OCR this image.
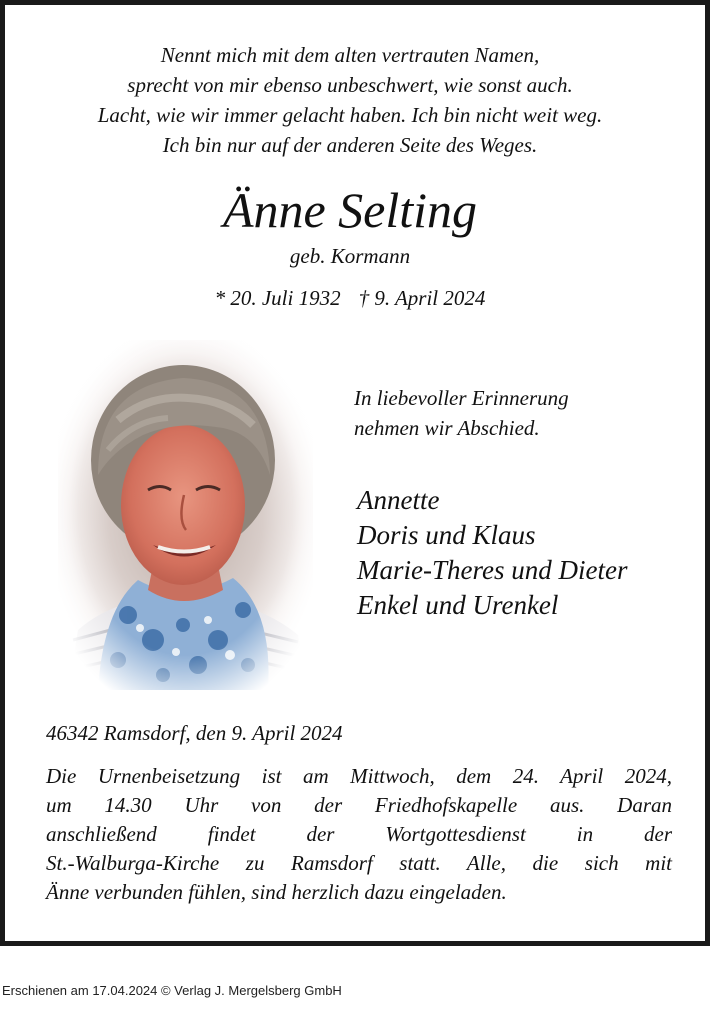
Nennt mich mit dem alten vertrauten Namen,
sprecht von mir ebenso unbeschwert, wie sonst auch.
Lacht, wie wir immer gelacht haben. Ich bin nicht weit weg.
Ich bin nur auf der anderen Seite des Weges.
Änne Selting
geb. Kormann
* 20. Juli 1932 † 9. April 2024
In liebevoller Erinnerung
nehmen wir Abschied.
Annette
Doris und Klaus
Marie-Theres und Dieter
Enkel und Urenkel
46342 Ramsdorf, den 9. April 2024
Die Urnenbeisetzung ist am Mittwoch, dem 24. April 2024,
um 14.30 Uhr von der Friedhofskapelle aus. Daran
anschließend findet der Wortgottesdienst in der
St.-Walburga-Kirche zu Ramsdorf statt. Alle, die sich mit
Änne verbunden fühlen, sind herzlich dazu eingeladen.
Erschienen am 17.04.2024 © Verlag J. Mergelsberg GmbH
